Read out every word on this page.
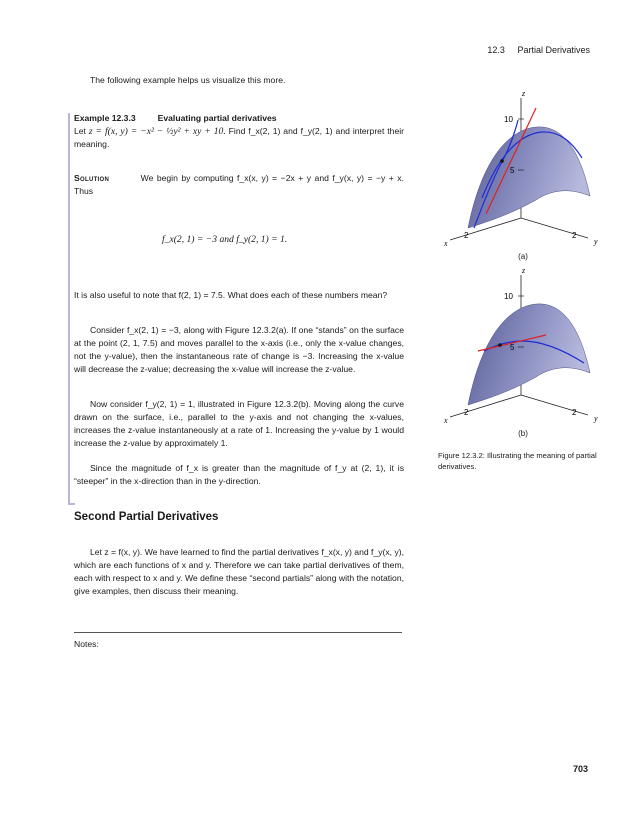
12.3 Partial Derivatives
The following example helps us visualize this more.
Example 12.3.3	Evaluating partial derivatives
Let z = f(x, y) = −x² − ½y² + xy + 10. Find f_x(2, 1) and f_y(2, 1) and interpret their meaning.
Solution	We begin by computing f_x(x, y) = −2x + y and f_y(x, y) = −y + x. Thus
f_x(2, 1) = −3 and f_y(2, 1) = 1.
It is also useful to note that f(2, 1) = 7.5. What does each of these numbers mean?
Consider f_x(2, 1) = −3, along with Figure 12.3.2(a). If one “stands” on the surface at the point (2, 1, 7.5) and moves parallel to the x-axis (i.e., only the x-value changes, not the y-value), then the instantaneous rate of change is −3. Increasing the x-value will decrease the z-value; decreasing the x-value will increase the z-value.
Now consider f_y(2, 1) = 1, illustrated in Figure 12.3.2(b). Moving along the curve drawn on the surface, i.e., parallel to the y-axis and not changing the x-values, increases the z-value instantaneously at a rate of 1. Increasing the y-value by 1 would increase the z-value by approximately 1.
Since the magnitude of f_x is greater than the magnitude of f_y at (2, 1), it is “steeper” in the x-direction than in the y-direction.
Second Partial Derivatives
Let z = f(x, y). We have learned to find the partial derivatives f_x(x, y) and f_y(x, y), which are each functions of x and y. Therefore we can take partial derivatives of them, each with respect to x and y. We define these “second partials” along with the notation, give examples, then discuss their meaning.
Notes:
703
z
10
5
2	2
x	y
(a)
z
10
5
2	2
x	y
(b)
Figure 12.3.2: Illustrating the meaning of partial derivatives.
